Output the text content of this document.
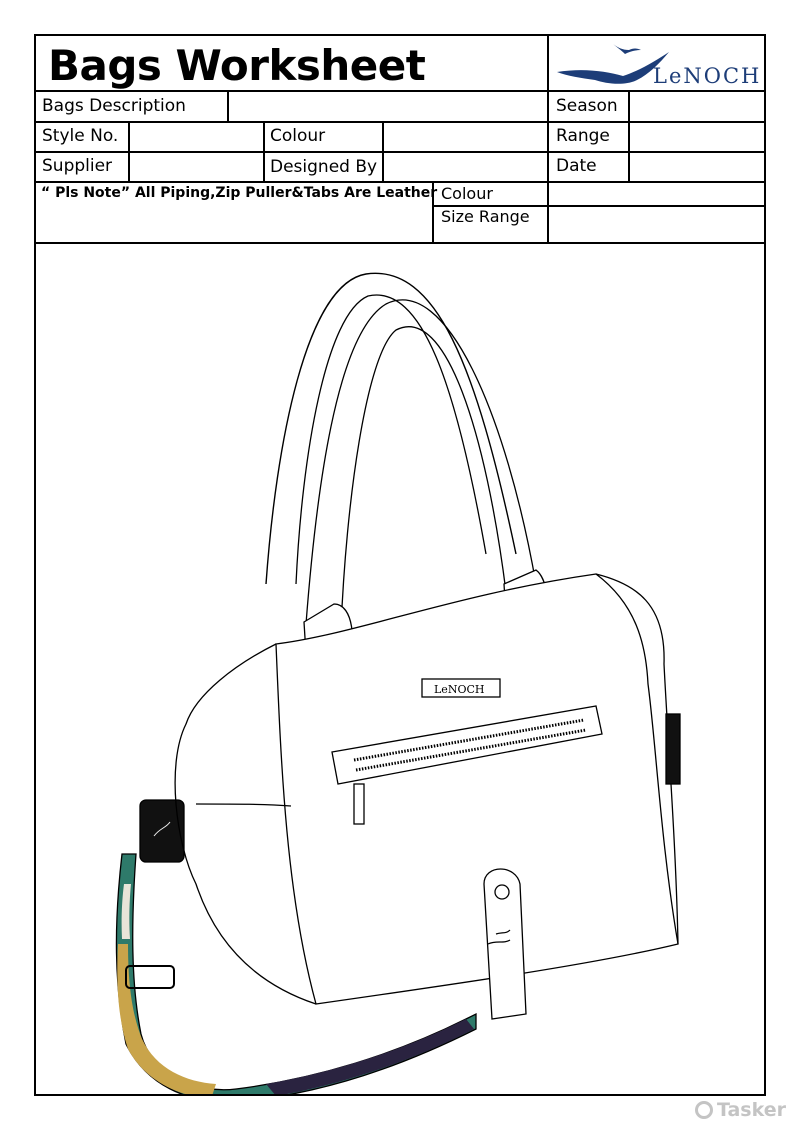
Bags Worksheet	LeNOCH
Bags Description	Season
Style No.	Colour	Range
Supplier	Designed By	Date
“ Pls Note” All Piping,Zip Puller&Tabs Are Leather Colour
Size Range
LeNOCH
Tasker
